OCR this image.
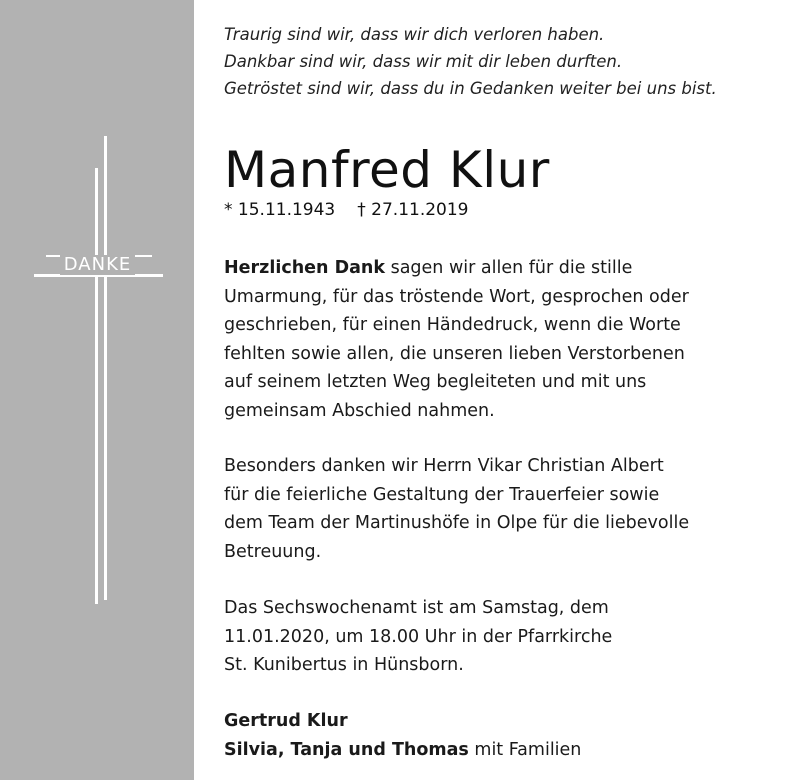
DANKE
Traurig sind wir, dass wir dich verloren haben.
Dankbar sind wir, dass wir mit dir leben durften.
Getröstet sind wir, dass du in Gedanken weiter bei uns bist.
Manfred Klur
* 15.11.1943 † 27.11.2019
Herzlichen Dank sagen wir allen für die stille
Umarmung, für das tröstende Wort, gesprochen oder
geschrieben, für einen Händedruck, wenn die Worte
fehlten sowie allen, die unseren lieben Verstorbenen
auf seinem letzten Weg begleiteten und mit uns
gemeinsam Abschied nahmen.
Besonders danken wir Herrn Vikar Christian Albert
für die feierliche Gestaltung der Trauerfeier sowie
dem Team der Martinushöfe in Olpe für die liebevolle
Betreuung.
Das Sechswochenamt ist am Samstag, dem
11.01.2020, um 18.00 Uhr in der Pfarrkirche
St. Kunibertus in Hünsborn.
Gertrud Klur
Silvia, Tanja und Thomas mit Familien
